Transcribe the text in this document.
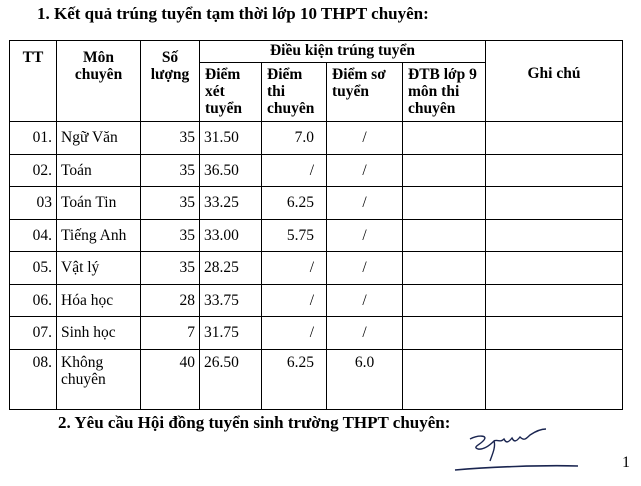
1. Kết quả trúng tuyển tạm thời lớp 10 THPT chuyên:
TT	Môn chuyên	Số lượng	Điều kiện trúng tuyển				Ghi chú
			Điểm xét tuyển	Điểm thi chuyên	Điểm sơ tuyển	ĐTB lớp 9 môn thi chuyên	
01.	Ngữ Văn	35	31.50	7.0	/		
02.	Toán	35	36.50	/	/		
03	Toán Tin	35	33.25	6.25	/		
04.	Tiếng Anh	35	33.00	5.75	/		
05.	Vật lý	35	28.25	/	/		
06.	Hóa học	28	33.75	/	/		
07.	Sinh học	7	31.75	/	/		
08.	Không chuyên	40	26.50	6.25	6.0		
2. Yêu cầu Hội đồng tuyển sinh trường THPT chuyên:
1
